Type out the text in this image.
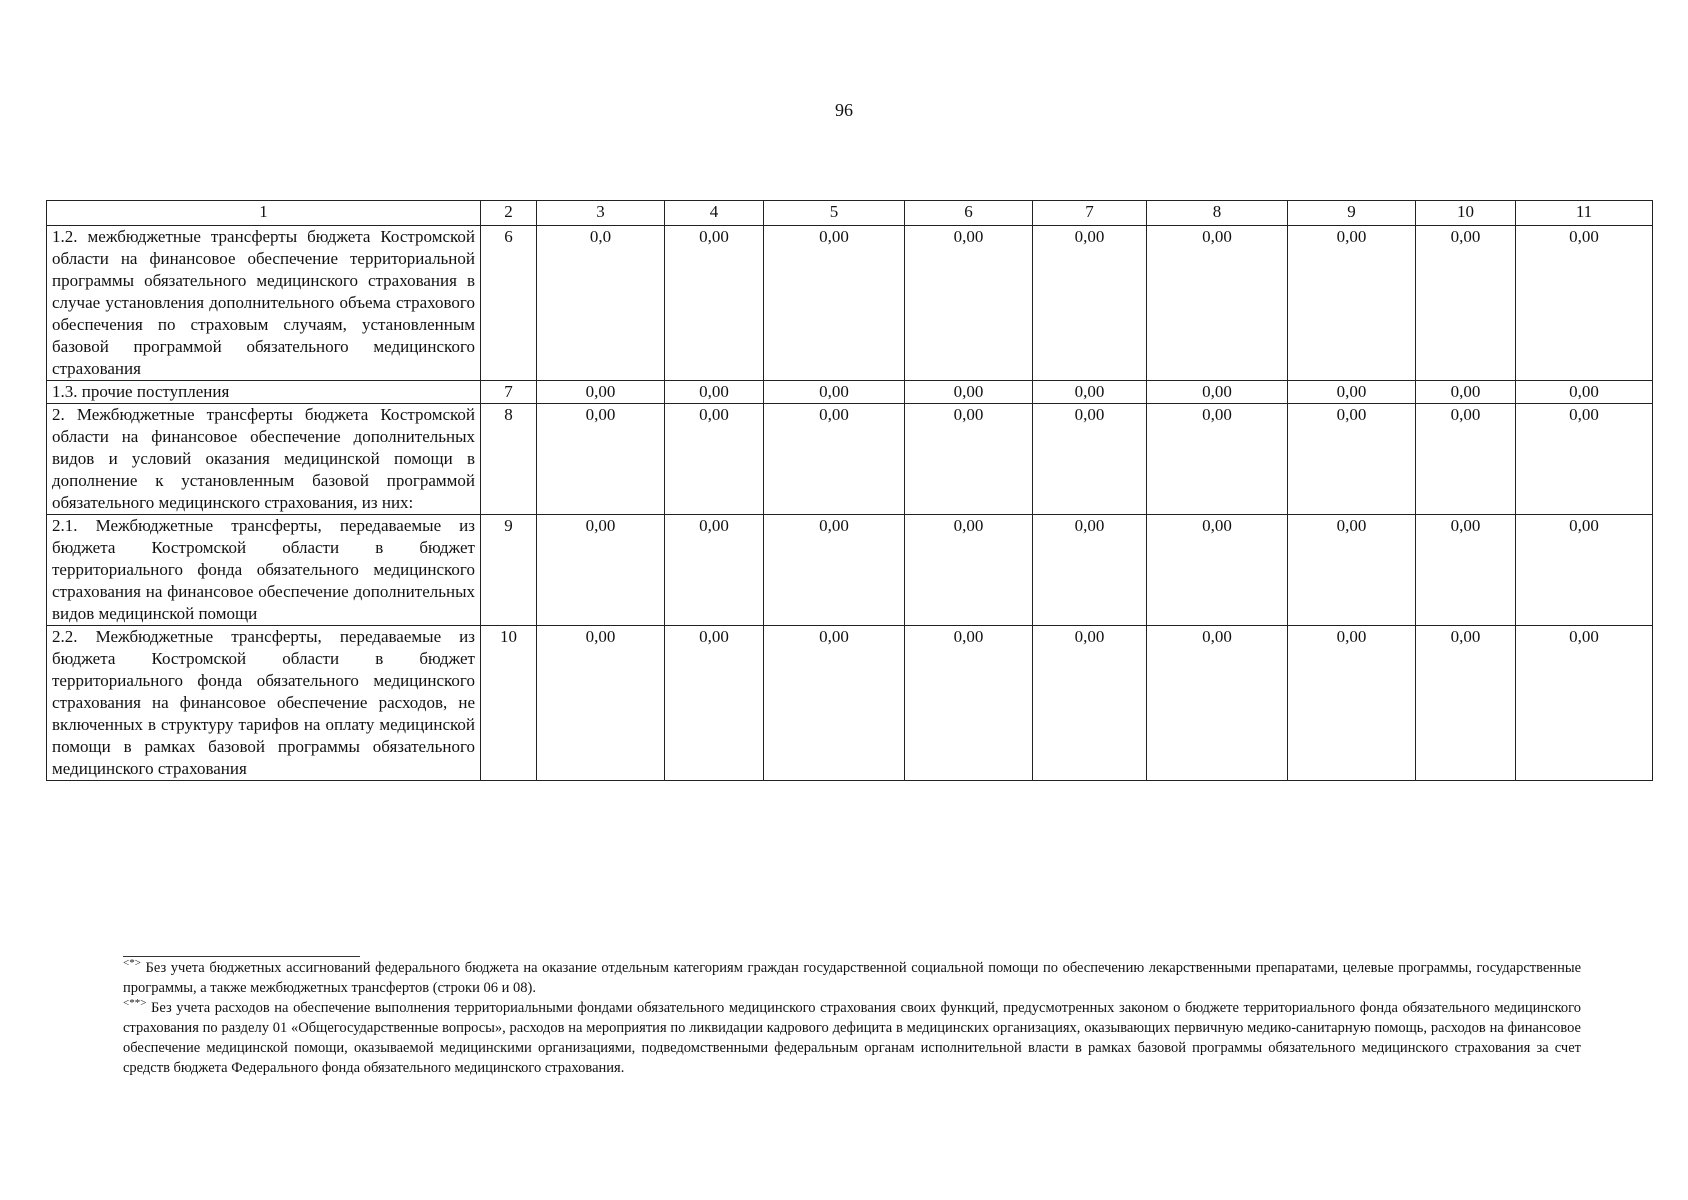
96
1	2	3	4	5	6	7	8	9	10	11
1.2. межбюджетные трансферты бюджета Костромской области на финансовое обеспечение территориальной программы обязательного медицинского страхования в случае установления дополнительного объема страхового обеспечения по страховым случаям, установленным базовой программой обязательного медицинского страхования	6	0,0	0,00	0,00	0,00	0,00	0,00	0,00	0,00	0,00
1.3. прочие поступления	7	0,00	0,00	0,00	0,00	0,00	0,00	0,00	0,00	0,00
2. Межбюджетные трансферты бюджета Костромской области на финансовое обеспечение дополнительных видов и условий оказания медицинской помощи в дополнение к установленным базовой программой обязательного медицинского страхования, из них:	8	0,00	0,00	0,00	0,00	0,00	0,00	0,00	0,00	0,00
2.1. Межбюджетные трансферты, передаваемые из бюджета Костромской области в бюджет территориального фонда обязательного медицинского страхования на финансовое обеспечение дополнительных видов медицинской помощи	9	0,00	0,00	0,00	0,00	0,00	0,00	0,00	0,00	0,00
2.2. Межбюджетные трансферты, передаваемые из бюджета Костромской области в бюджет территориального фонда обязательного медицинского страхования на финансовое обеспечение расходов, не включенных в структуру тарифов на оплату медицинской помощи в рамках базовой программы обязательного медицинского страхования	10	0,00	0,00	0,00	0,00	0,00	0,00	0,00	0,00	0,00

<*> Без учета бюджетных ассигнований федерального бюджета на оказание отдельным категориям граждан государственной социальной помощи по обеспечению лекарственными препаратами, целевые программы, государственные программы, а также межбюджетных трансфертов (строки 06 и 08).

<**> Без учета расходов на обеспечение выполнения территориальными фондами обязательного медицинского страхования своих функций, предусмотренных законом о бюджете территориального фонда обязательного медицинского страхования по разделу 01 «Общегосударственные вопросы», расходов на мероприятия по ликвидации кадрового дефицита в медицинских организациях, оказывающих первичную медико-санитарную помощь, расходов на финансовое обеспечение медицинской помощи, оказываемой медицинскими организациями, подведомственными федеральным органам исполнительной власти в рамках базовой программы обязательного медицинского страхования за счет средств бюджета Федерального фонда обязательного медицинского страхования.
